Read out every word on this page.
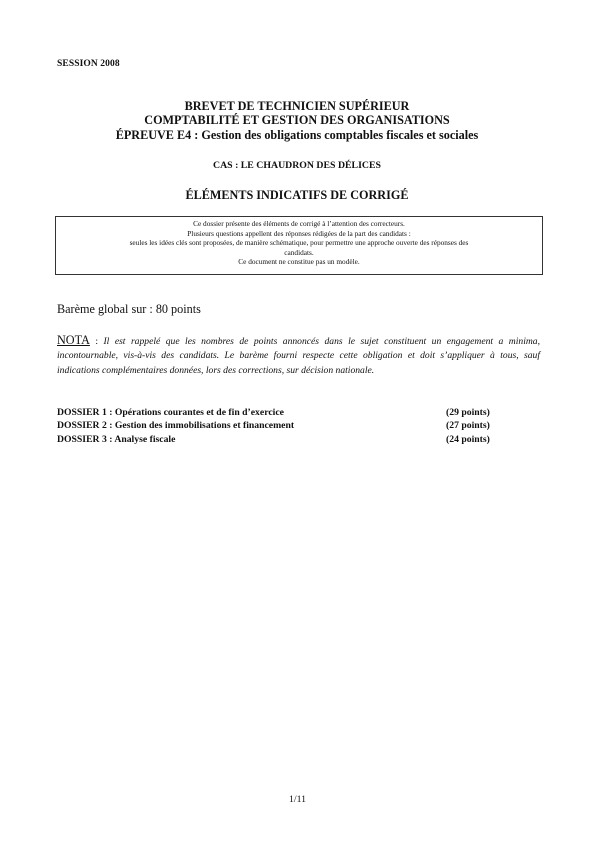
SESSION 2008
BREVET DE TECHNICIEN SUPÉRIEUR
COMPTABILITÉ ET GESTION DES ORGANISATIONS
ÉPREUVE E4 : Gestion des obligations comptables fiscales et sociales
CAS : LE CHAUDRON DES DÉLICES
ÉLÉMENTS INDICATIFS DE CORRIGÉ
Ce dossier présente des éléments de corrigé à l’attention des correcteurs.
Plusieurs questions appellent des réponses rédigées de la part des candidats :
seules les idées clés sont proposées, de manière schématique, pour permettre une approche ouverte des réponses des
candidats.
Ce document ne constitue pas un modèle.
Barème global sur : 80 points
NOTA : Il est rappelé que les nombres de points annoncés dans le sujet constituent un engagement a minima, incontournable, vis-à-vis des candidats. Le barème fourni respecte cette obligation et doit s’appliquer à tous, sauf indications complémentaires données, lors des corrections, sur décision nationale.
DOSSIER 1 : Opérations courantes et de fin d’exercice	(29 points)
DOSSIER 2 : Gestion des immobilisations et financement	(27 points)
DOSSIER 3 : Analyse fiscale	(24 points)
1/11
